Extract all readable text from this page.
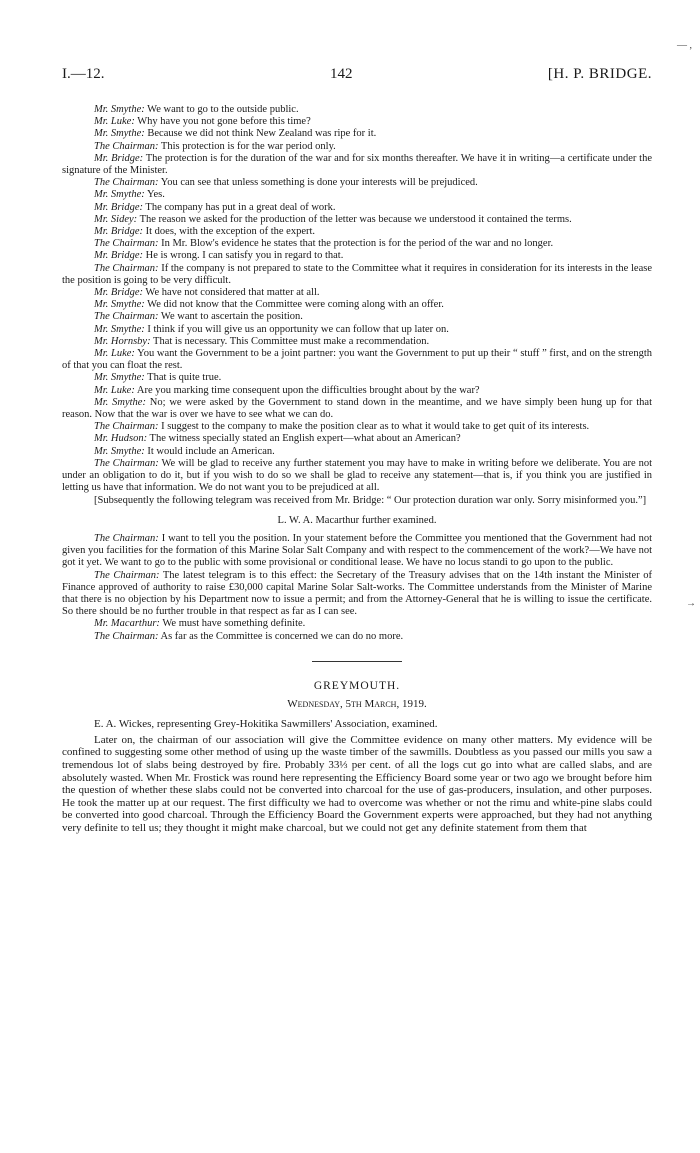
— ,
→
I.—12.	142	[H. P. BRIDGE.

Mr. Smythe: We want to go to the outside public.

Mr. Luke: Why have you not gone before this time?

Mr. Smythe: Because we did not think New Zealand was ripe for it.

The Chairman: This protection is for the war period only.

Mr. Bridge: The protection is for the duration of the war and for six months thereafter. We have it in writing—a certificate under the signature of the Minister.

The Chairman: You can see that unless something is done your interests will be prejudiced.

Mr. Smythe: Yes.

Mr. Bridge: The company has put in a great deal of work.

Mr. Sidey: The reason we asked for the production of the letter was because we understood it contained the terms.

Mr. Bridge: It does, with the exception of the expert.

The Chairman: In Mr. Blow's evidence he states that the protection is for the period of the war and no longer.

Mr. Bridge: He is wrong. I can satisfy you in regard to that.

The Chairman: If the company is not prepared to state to the Committee what it requires in consideration for its interests in the lease the position is going to be very difficult.

Mr. Bridge: We have not considered that matter at all.

Mr. Smythe: We did not know that the Committee were coming along with an offer.

The Chairman: We want to ascertain the position.

Mr. Smythe: I think if you will give us an opportunity we can follow that up later on.

Mr. Hornsby: That is necessary. This Committee must make a recommendation.

Mr. Luke: You want the Government to be a joint partner: you want the Government to put up their “ stuff ” first, and on the strength of that you can float the rest.

Mr. Smythe: That is quite true.

Mr. Luke: Are you marking time consequent upon the difficulties brought about by the war?

Mr. Smythe: No; we were asked by the Government to stand down in the meantime, and we have simply been hung up for that reason. Now that the war is over we have to see what we can do.

The Chairman: I suggest to the company to make the position clear as to what it would take to get quit of its interests.

Mr. Hudson: The witness specially stated an English expert—what about an American?

Mr. Smythe: It would include an American.

The Chairman: We will be glad to receive any further statement you may have to make in writing before we deliberate. You are not under an obligation to do it, but if you wish to do so we shall be glad to receive any statement—that is, if you think you are justified in letting us have that information. We do not want you to be prejudiced at all.

[Subsequently the following telegram was received from Mr. Bridge: “ Our protection duration war only. Sorry misinformed you.”]

L. W. A. Macarthur further examined.

The Chairman: I want to tell you the position. In your statement before the Committee you mentioned that the Government had not given you facilities for the formation of this Marine Solar Salt Company and with respect to the commencement of the work?—We have not got it yet. We want to go to the public with some provisional or conditional lease. We have no locus standi to go upon to the public.

The Chairman: The latest telegram is to this effect: the Secretary of the Treasury advises that on the 14th instant the Minister of Finance approved of authority to raise £30,000 capital Marine Solar Salt-works. The Committee understands from the Minister of Marine that there is no objection by his Department now to issue a permit; and from the Attorney-General that he is willing to issue the certificate. So there should be no further trouble in that respect as far as I can see.

Mr. Macarthur: We must have something definite.

The Chairman: As far as the Committee is concerned we can do no more.

GREYMOUTH.

Wednesday, 5th March, 1919.

E. A. Wickes, representing Grey-Hokitika Sawmillers' Association, examined.

Later on, the chairman of our association will give the Committee evidence on many other matters. My evidence will be confined to suggesting some other method of using up the waste timber of the sawmills. Doubtless as you passed our mills you saw a tremendous lot of slabs being destroyed by fire. Probably 33⅓ per cent. of all the logs cut go into what are called slabs, and are absolutely wasted. When Mr. Frostick was round here representing the Efficiency Board some year or two ago we brought before him the question of whether these slabs could not be converted into charcoal for the use of gas-producers, insulation, and other purposes. He took the matter up at our request. The first difficulty we had to overcome was whether or not the rimu and white-pine slabs could be converted into good charcoal. Through the Efficiency Board the Government experts were approached, but they had not anything very definite to tell us; they thought it might make charcoal, but we could not get any definite statement from them that
